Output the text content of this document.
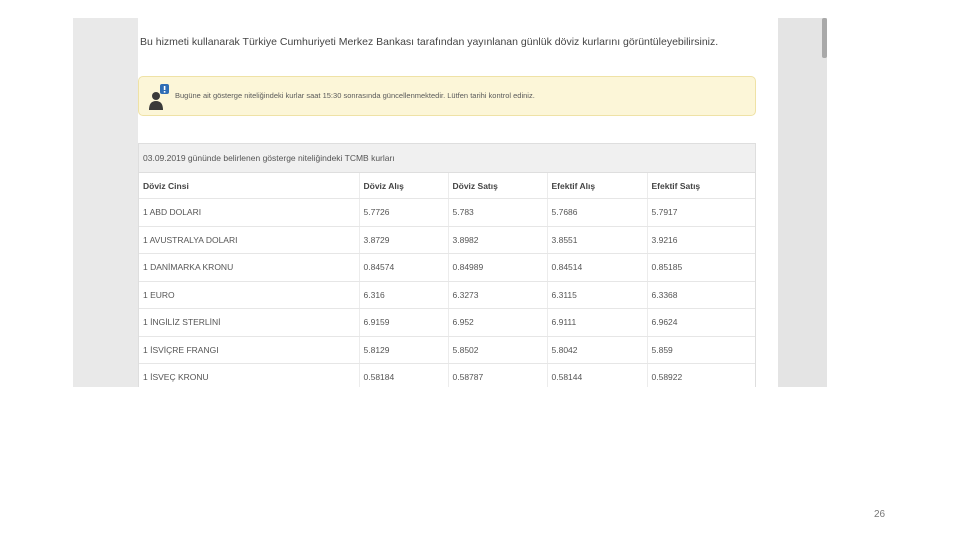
Bu hizmeti kullanarak Türkiye Cumhuriyeti Merkez Bankası tarafından yayınlanan günlük döviz kurlarını görüntüleyebilirsiniz.
Bugüne ait gösterge niteliğindeki kurlar saat 15:30 sonrasında güncellenmektedir. Lütfen tarihi kontrol ediniz.
03.09.2019 gününde belirlenen gösterge niteliğindeki TCMB kurları
Döviz Cinsi	Döviz Alış	Döviz Satış	Efektif Alış	Efektif Satış
1 ABD DOLARI	5.7726	5.783	5.7686	5.7917
1 AVUSTRALYA DOLARI	3.8729	3.8982	3.8551	3.9216
1 DANİMARKA KRONU	0.84574	0.84989	0.84514	0.85185
1 EURO	6.316	6.3273	6.3115	6.3368
1 İNGİLİZ STERLİNİ	6.9159	6.952	6.9111	6.9624
1 İSVİÇRE FRANGI	5.8129	5.8502	5.8042	5.859
1 İSVEÇ KRONU	0.58184	0.58787	0.58144	0.58922
26
